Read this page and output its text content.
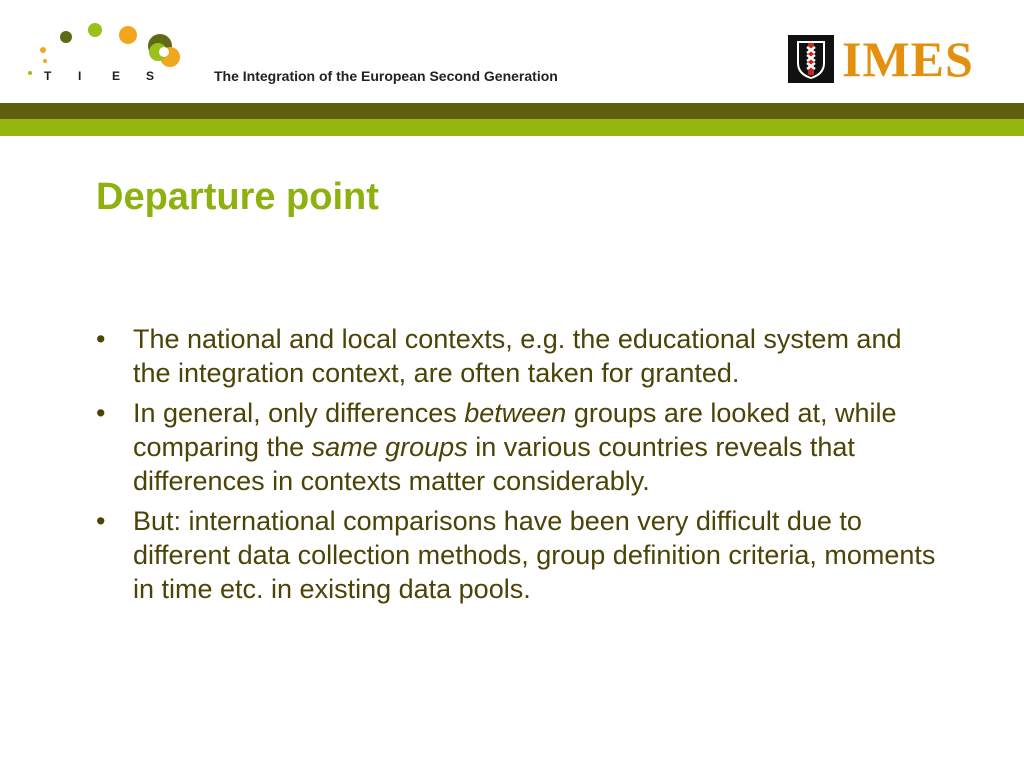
T I	E S	The Integration of the European Second Generation	IMES
Departure point
• The national and local contexts, e.g. the educational system and the integration context, are often taken for granted.
• In general, only differences between groups are looked at, while comparing the same groups in various countries reveals that differences in contexts matter considerably.
• But: international comparisons have been very difficult due to different data collection methods, group definition criteria, moments in time etc. in existing data pools.
